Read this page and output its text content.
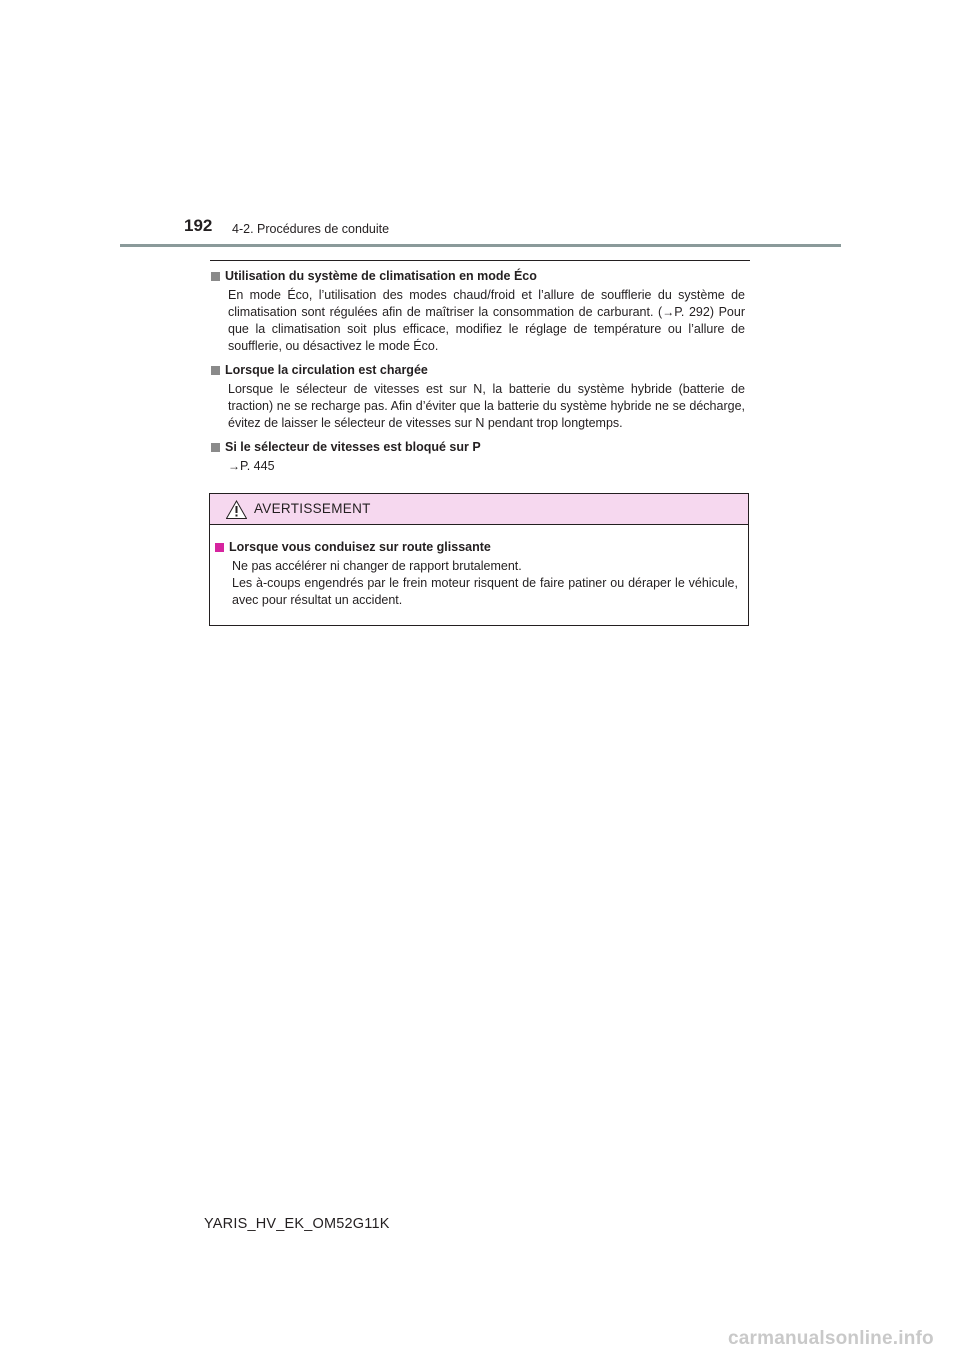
192 4-2. Procédures de conduite
Utilisation du système de climatisation en mode Éco
En mode Éco, l’utilisation des modes chaud/froid et l’allure de soufflerie du système de climatisation sont régulées afin de maîtriser la consommation de carburant. (→P. 292) Pour que la climatisation soit plus efficace, modifiez le réglage de température ou l’allure de soufflerie, ou désactivez le mode Éco.
Lorsque la circulation est chargée
Lorsque le sélecteur de vitesses est sur N, la batterie du système hybride (batterie de traction) ne se recharge pas. Afin d’éviter que la batterie du système hybride ne se décharge, évitez de laisser le sélecteur de vitesses sur N pendant trop longtemps.
Si le sélecteur de vitesses est bloqué sur P
→P. 445
AVERTISSEMENT
Lorsque vous conduisez sur route glissante
Ne pas accélérer ni changer de rapport brutalement.
Les à-coups engendrés par le frein moteur risquent de faire patiner ou déraper le véhicule, avec pour résultat un accident.
YARIS_HV_EK_OM52G11K
carmanualsonline.info
